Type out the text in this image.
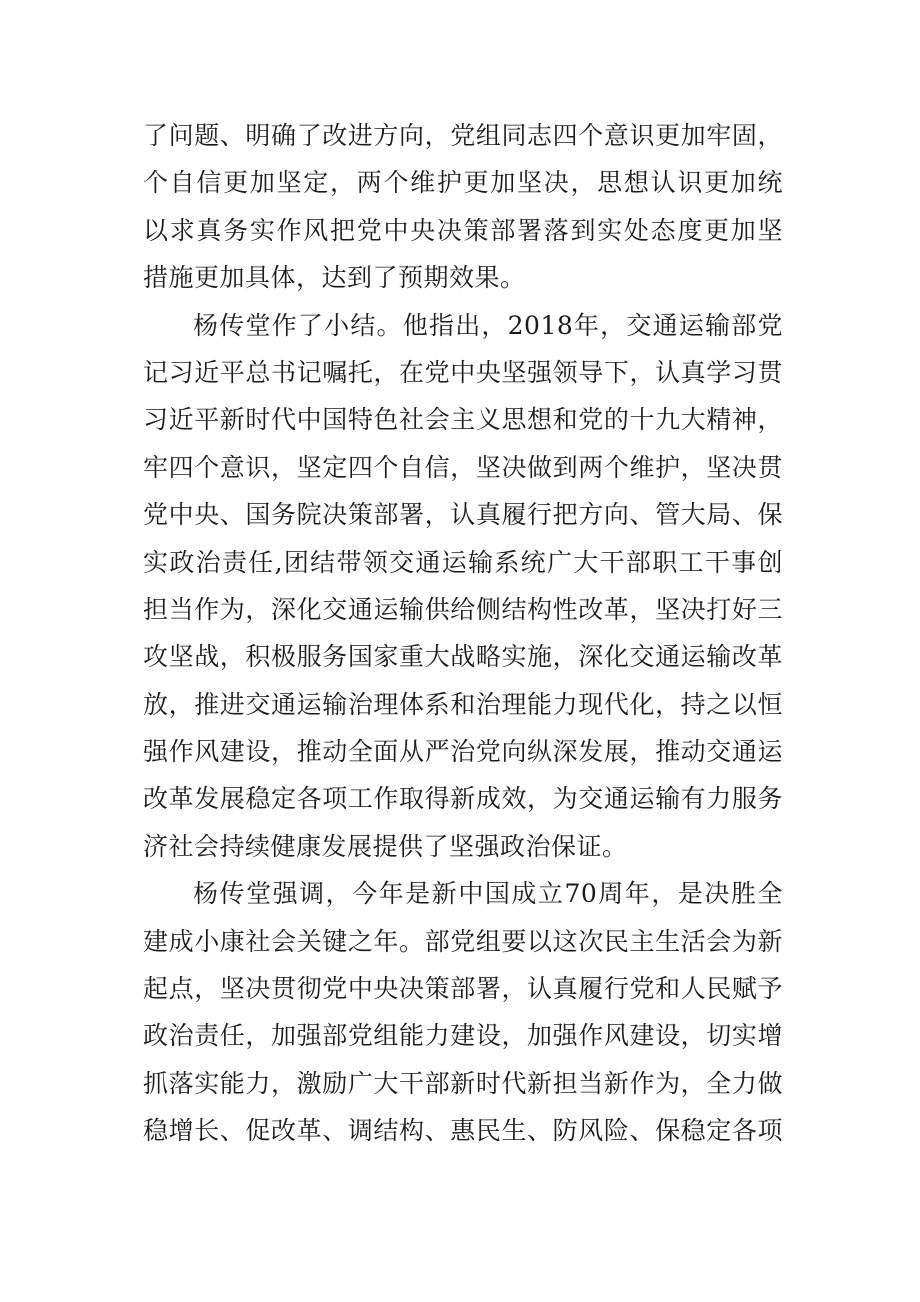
了问题、明确了改进方向，党组同志四个意识更加牢固，
个自信更加坚定，两个维护更加坚决，思想认识更加统
以求真务实作风把党中央决策部署落到实处态度更加坚
措施更加具体，达到了预期效果。
杨传堂作了小结。他指出，2018年，交通运输部党
记习近平总书记嘱托，在党中央坚强领导下，认真学习贯
习近平新时代中国特色社会主义思想和党的十九大精神，
牢四个意识，坚定四个自信，坚决做到两个维护，坚决贯
党中央、国务院决策部署，认真履行把方向、管大局、保
实政治责任,团结带领交通运输系统广大干部职工干事创
担当作为，深化交通运输供给侧结构性改革，坚决打好三
攻坚战，积极服务国家重大战略实施，深化交通运输改革
放，推进交通运输治理体系和治理能力现代化，持之以恒
强作风建设，推动全面从严治党向纵深发展，推动交通运
改革发展稳定各项工作取得新成效，为交通运输有力服务
济社会持续健康发展提供了坚强政治保证。
杨传堂强调，今年是新中国成立70周年，是决胜全
建成小康社会关键之年。部党组要以这次民主生活会为新
起点，坚决贯彻党中央决策部署，认真履行党和人民赋予
政治责任，加强部党组能力建设，加强作风建设，切实增
抓落实能力，激励广大干部新时代新担当新作为，全力做
稳增长、促改革、调结构、惠民生、防风险、保稳定各项
